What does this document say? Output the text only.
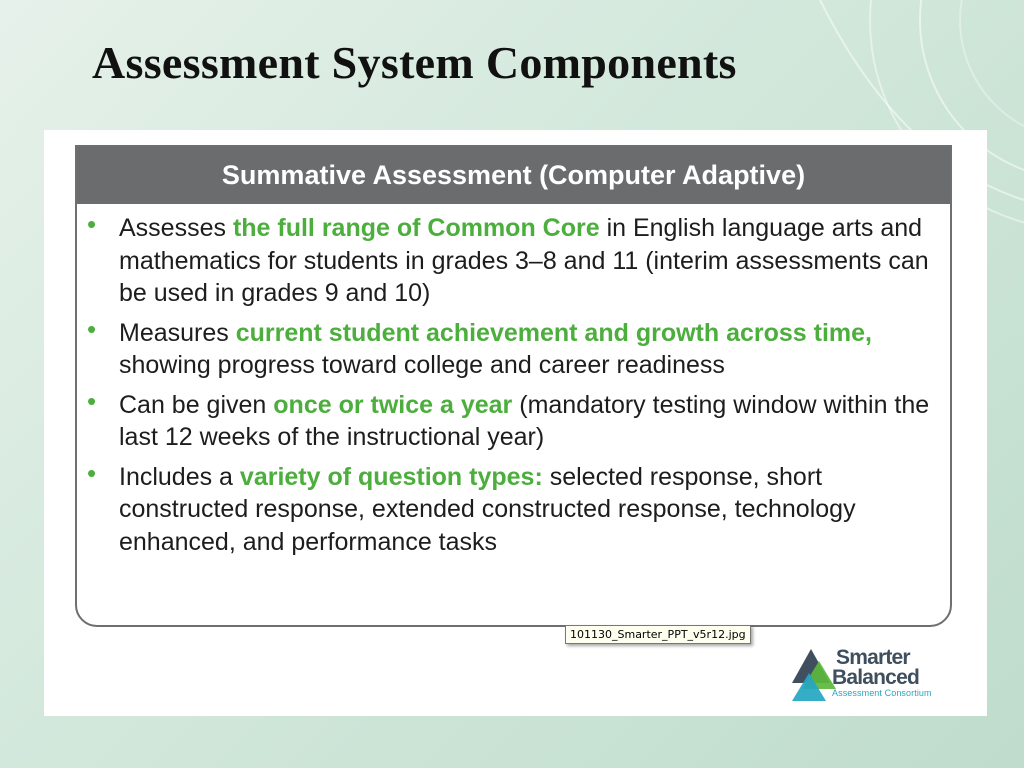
Assessment System Components
Summative Assessment (Computer Adaptive)
• Assesses the full range of Common Core in English language arts and mathematics for students in grades 3–8 and 11 (interim assessments can be used in grades 9 and 10)
• Measures current student achievement and growth across time, showing progress toward college and career readiness
• Can be given once or twice a year (mandatory testing window within the last 12 weeks of the instructional year)
• Includes a variety of question types: selected response, short constructed response, extended constructed response, technology enhanced, and performance tasks
101130_Smarter_PPT_v5r12.jpg
Smarter
Balanced
Assessment Consortium
